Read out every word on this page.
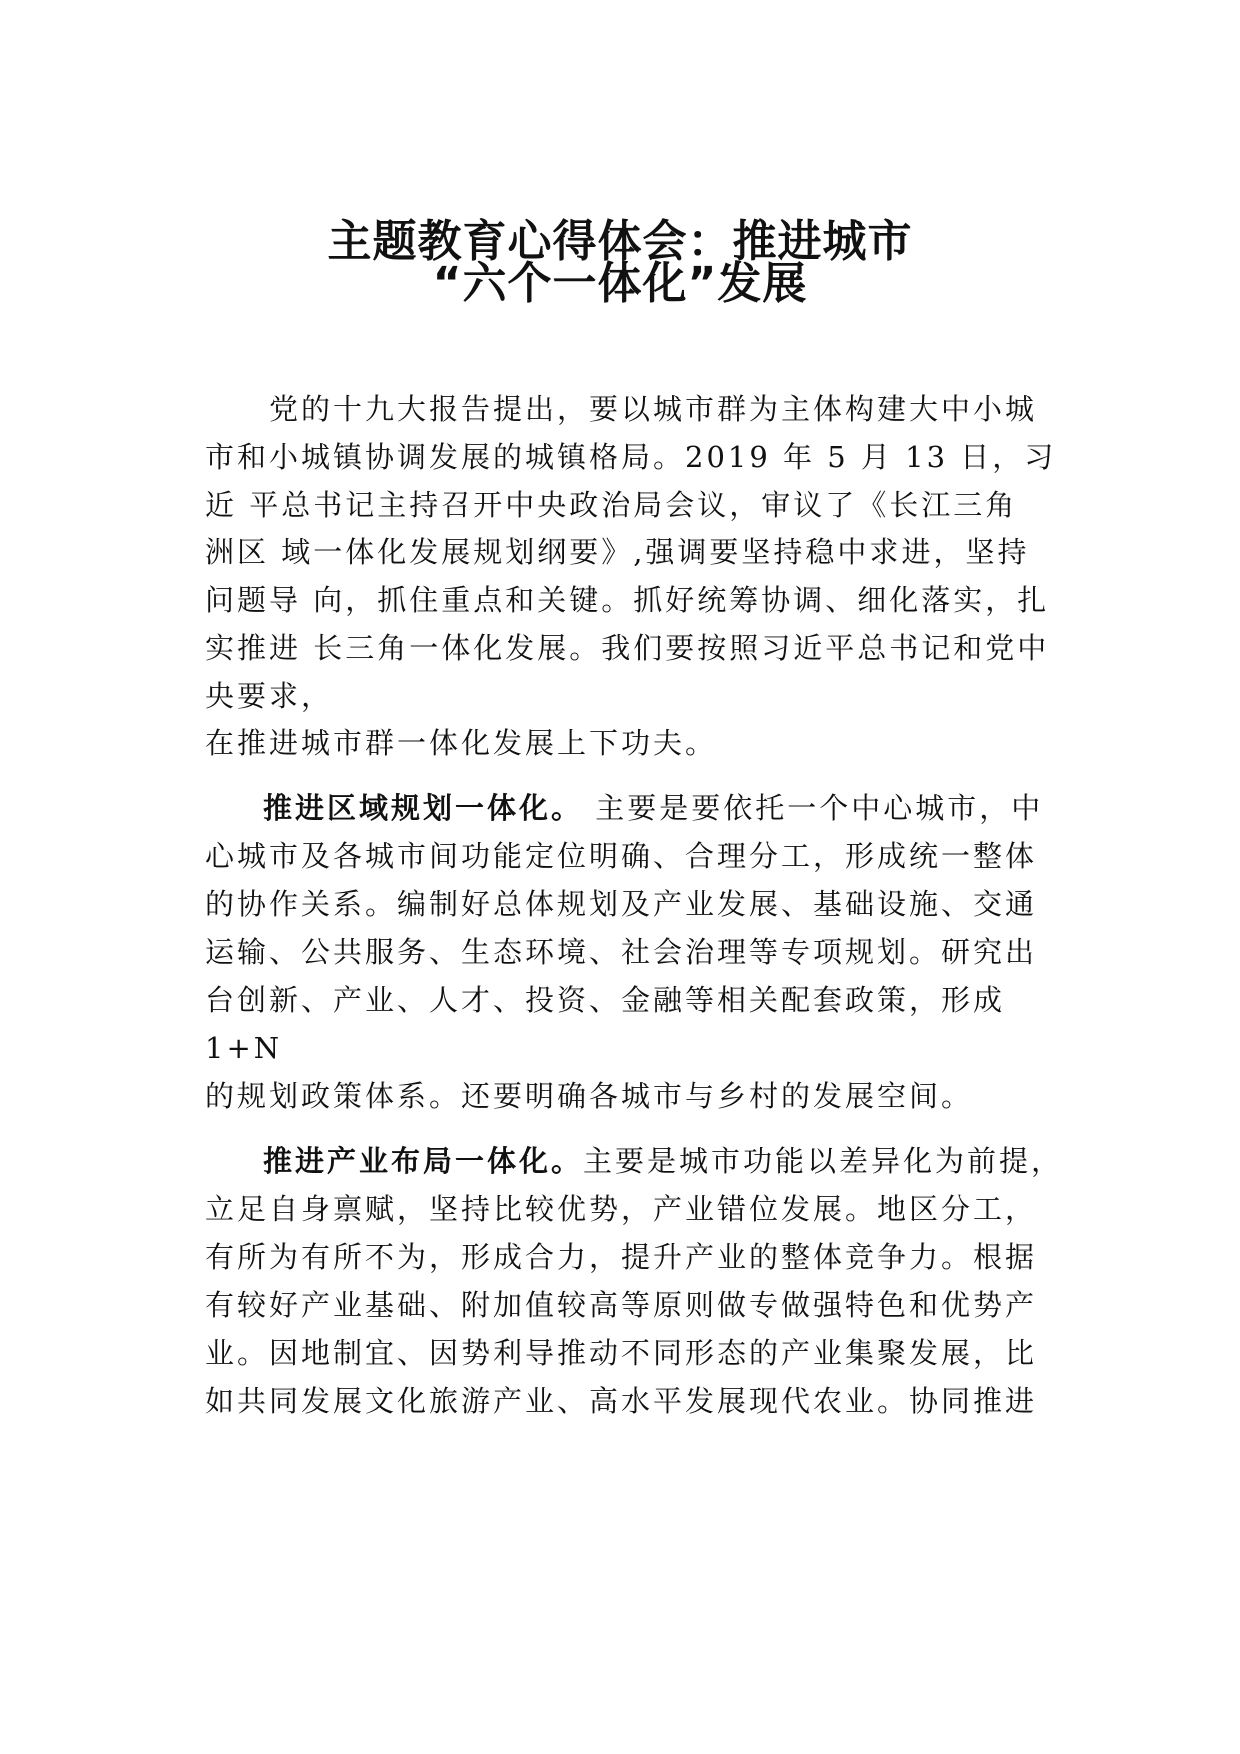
主题教育心得体会：推进城市
“六个一体化”发展
　　党的十九大报告提出，要以城市群为主体构建大中小城
市和小城镇协调发展的城镇格局。2019 年 5 月 13 日，习
近 平总书记主持召开中央政治局会议，审议了《长江三角
洲区 域一体化发展规划纲要》,强调要坚持稳中求进，坚持
问题导 向，抓住重点和关键。抓好统筹协调、细化落实，扎
实推进 长三角一体化发展。我们要按照习近平总书记和党中
央要求，
在推进城市群一体化发展上下功夫。
推进区域规划一体化。 主要是要依托一个中心城市，中
心城市及各城市间功能定位明确、合理分工，形成统一整体
的协作关系。编制好总体规划及产业发展、基础设施、交通
运输、公共服务、生态环境、社会治理等专项规划。研究出
台创新、产业、人才、投资、金融等相关配套政策，形成
1+N
的规划政策体系。还要明确各城市与乡村的发展空间。
推进产业布局一体化。主要是城市功能以差异化为前提，
立足自身禀赋，坚持比较优势，产业错位发展。地区分工，
有所为有所不为，形成合力，提升产业的整体竞争力。根据
有较好产业基础、附加值较高等原则做专做强特色和优势产
业。因地制宜、因势利导推动不同形态的产业集聚发展，比
如共同发展文化旅游产业、高水平发展现代农业。协同推进
